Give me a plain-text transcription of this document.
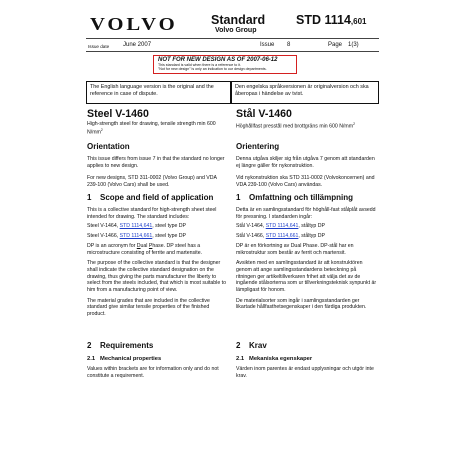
VOLVO	Standard
Volvo Group
STD 1114,601
Issue date June 2007	Issue 8	Page 1(3)
NOT FOR NEW DESIGN AS OF 2007-06-12
This standard is valid when there is a reference to it.
"Not for new design" is only an indication to our design departments.
The English language version is the original and the reference in case of dispute.
Den engelska språkversionen är originalversion och ska åberopas i händelse av tvist.
Steel V-1460
High-strength steel for drawing, tensile strength min 600 $N/mm^2$
Orientation
This issue differs from issue 7 in that the standard no longer applies to new design.
For new designs, STD 311-0002 (Volvo Group) and VDA 239-100 (Volvo Cars) shall be used.
1 Scope and field of application
This is a collective standard for high-strength sheet steel intended for drawing. The standard includes:
Steel V-1464, STD 1114,641, steel type DP
Steel V-1466, STD 1114,661, steel type DP
DP is an acronym for Dual Phase. DP steel has a microstructure consisting of ferrite and martensite.
The purpose of the collective standard is that the designer shall indicate the collective standard designation on the drawing, thus giving the parts manufacturer the liberty to select from the steels included, that which is most suitable to him from a manufacturing point of view.
The material grades that are included in the collective standard give similar tensile properties of the finished product.
2 Requirements
2.1 Mechanical properties
Values within brackets are for information only and do not constitute a requirement.
Stål V-1460
Höghållfast presstål med brottgräns min 600 $N/mm^2$
Orientering
Denna utgåva skiljer sig från utgåva 7 genom att standarden ej längre gäller för nykonstruktion.
Vid nykonstruktion ska STD 311-0002 (Volvokoncernen) and VDA 239-100 (Volvo Cars) användas.
1 Omfattning och tillämpning
Detta är en samlingsstandard för höghåll-fast stålplåt avsedd för pressning. I standarden ingår:
Stål V-1464, STD 1114,641, ståltyp DP
Stål V-1466, STD 1114,661, ståltyp DP
DP är en förkortning av Dual Phase. DP-stål har en mikrostruktur som består av ferrit och martensit.
Avsikten med en samlingsstandard är att konstruktören genom att ange samlingsstandardens beteckning på ritningen ger artikeltillverkaren frihet att välja det av de ingående stålsorterna som ur tillverkningsteknisk synpunkt är lämpligast för honom.
De materialsorter som ingår i samlingsstandarden ger likartade hållfasthetsegenskaper i den färdiga produkten.
2 Krav
2.1 Mekaniska egenskaper
Värden inom parentes är endast upplysningar och utgör inte krav.
